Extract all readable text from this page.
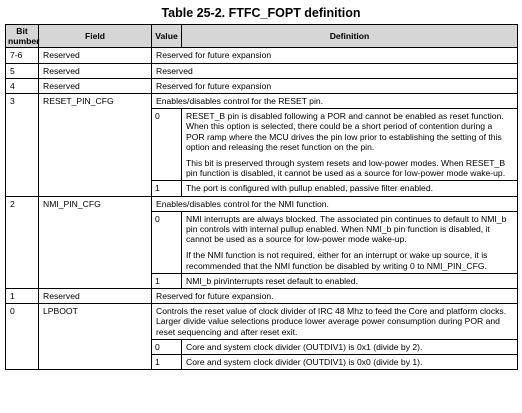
Table 25-2. FTFC_FOPT definition
Bit number	Field	Value	Definition
7-6	Reserved	Reserved for future expansion	
5	Reserved	Reserved	
4	Reserved	Reserved for future expansion	
3	RESET_PIN_CFG	Enables/disables control for the RESET pin.	
		0	RESET_B pin is disabled following a POR and cannot be enabled as reset function. When this option is selected, there could be a short period of contention during a POR ramp where the MCU drives the pin low prior to establishing the setting of this option and releasing the reset function on the pin.
This bit is preserved through system resets and low-power modes. When RESET_B pin function is disabled, it cannot be used as a source for low-power mode wake-up.

		1	The port is configured with pullup enabled, passive filter enabled.
2	NMI_PIN_CFG	Enables/disables control for the NMI function.	
		0	NMI interrupts are always blocked. The associated pin continues to default to NMI_b pin controls with internal pullup enabled. When NMI_b pin function is disabled, it cannot be used as a source for low-power mode wake-up.
If the NMI function is not required, either for an interrupt or wake up source, it is recommended that the NMI function be disabled by writing 0 to NMI_PIN_CFG.

		1	NMI_b pin/interrupts reset default to enabled.
1	Reserved	Reserved for future expansion.	
0	LPBOOT	Controls the reset value of clock divider of IRC 48 Mhz to feed the Core and platform clocks. Larger divide value selections produce lower average power consumption during POR and reset sequencing and after reset exit.	
		0	Core and system clock divider (OUTDIV1) is 0x1 (divide by 2).
		1	Core and system clock divider (OUTDIV1) is 0x0 (divide by 1).
